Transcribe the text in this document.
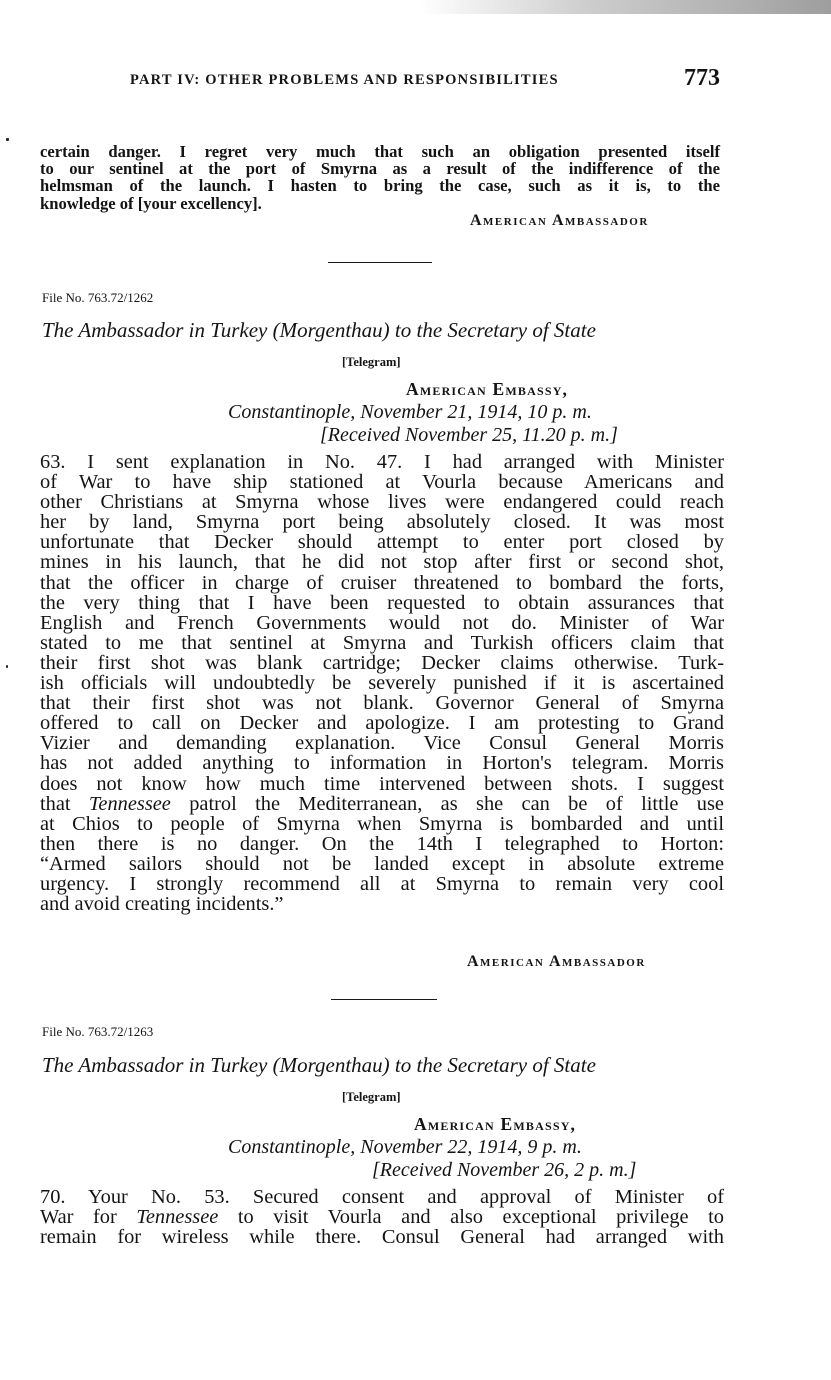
PART IV: OTHER PROBLEMS AND RESPONSIBILITIES	773
certain danger. I regret very much that such an obligation presented itself
to our sentinel at the port of Smyrna as a result of the indifference of the
helmsman of the launch. I hasten to bring the case, such as it is, to the
knowledge of [your excellency].
American Ambassador
File No. 763.72/1262
The Ambassador in Turkey (Morgenthau) to the Secretary of State
[Telegram]
American Embassy,
Constantinople, November 21, 1914, 10 p. m.
[Received November 25, 11.20 p. m.]
63. I sent explanation in No. 47. I had arranged with Minister
of War to have ship stationed at Vourla because Americans and
other Christians at Smyrna whose lives were endangered could reach
her by land, Smyrna port being absolutely closed. It was most
unfortunate that Decker should attempt to enter port closed by
mines in his launch, that he did not stop after first or second shot,
that the officer in charge of cruiser threatened to bombard the forts,
the very thing that I have been requested to obtain assurances that
English and French Governments would not do. Minister of War
stated to me that sentinel at Smyrna and Turkish officers claim that
their first shot was blank cartridge; Decker claims otherwise. Turk-
ish officials will undoubtedly be severely punished if it is ascertained
that their first shot was not blank. Governor General of Smyrna
offered to call on Decker and apologize. I am protesting to Grand
Vizier and demanding explanation. Vice Consul General Morris
has not added anything to information in Horton's telegram. Morris
does not know how much time intervened between shots. I suggest
that Tennessee patrol the Mediterranean, as she can be of little use
at Chios to people of Smyrna when Smyrna is bombarded and until
then there is no danger. On the 14th I telegraphed to Horton:
“Armed sailors should not be landed except in absolute extreme
urgency. I strongly recommend all at Smyrna to remain very cool
and avoid creating incidents.”
American Ambassador
File No. 763.72/1263
The Ambassador in Turkey (Morgenthau) to the Secretary of State
[Telegram]
American Embassy,
Constantinople, November 22, 1914, 9 p. m.
[Received November 26, 2 p. m.]
70. Your No. 53. Secured consent and approval of Minister of
War for Tennessee to visit Vourla and also exceptional privilege to
remain for wireless while there. Consul General had arranged with
